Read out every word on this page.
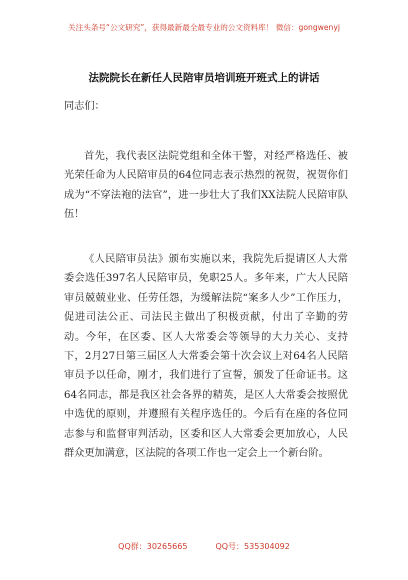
关注头条号“公文研究”，获得最新最全最专业的公文资料库！ 微信：gongwenyj
法院院长在新任人民陪审员培训班开班式上的讲话
同志们：

首先，我代表区法院党组和全体干警，对经严格选任、被光荣任命为人民陪审员的64位同志表示热烈的祝贺，祝贺你们成为“不穿法袍的法官”，进一步壮大了我们XX法院人民陪审队伍！

《人民陪审员法》颁布实施以来，我院先后提请区人大常委会选任397名人民陪审员，免职25人。多年来，广大人民陪审员兢兢业业、任劳任怨，为缓解法院“案多人少”工作压力，促进司法公正、司法民主做出了积极贡献，付出了辛勤的劳动。今年，在区委、区人大常委会等领导的大力关心、支持下，2月27日第三届区人大常委会第十次会议上对64名人民陪审员予以任命，刚才，我们进行了宣誓，颁发了任命证书。这64名同志，都是我区社会各界的精英，是区人大常委会按照优中选优的原则，并遵照有关程序选任的。今后有在座的各位同志参与和监督审判活动，区委和区人大常委会更加放心，人民群众更加满意，区法院的各项工作也一定会上一个新台阶。

QQ群：30265665	QQ号：535304092
